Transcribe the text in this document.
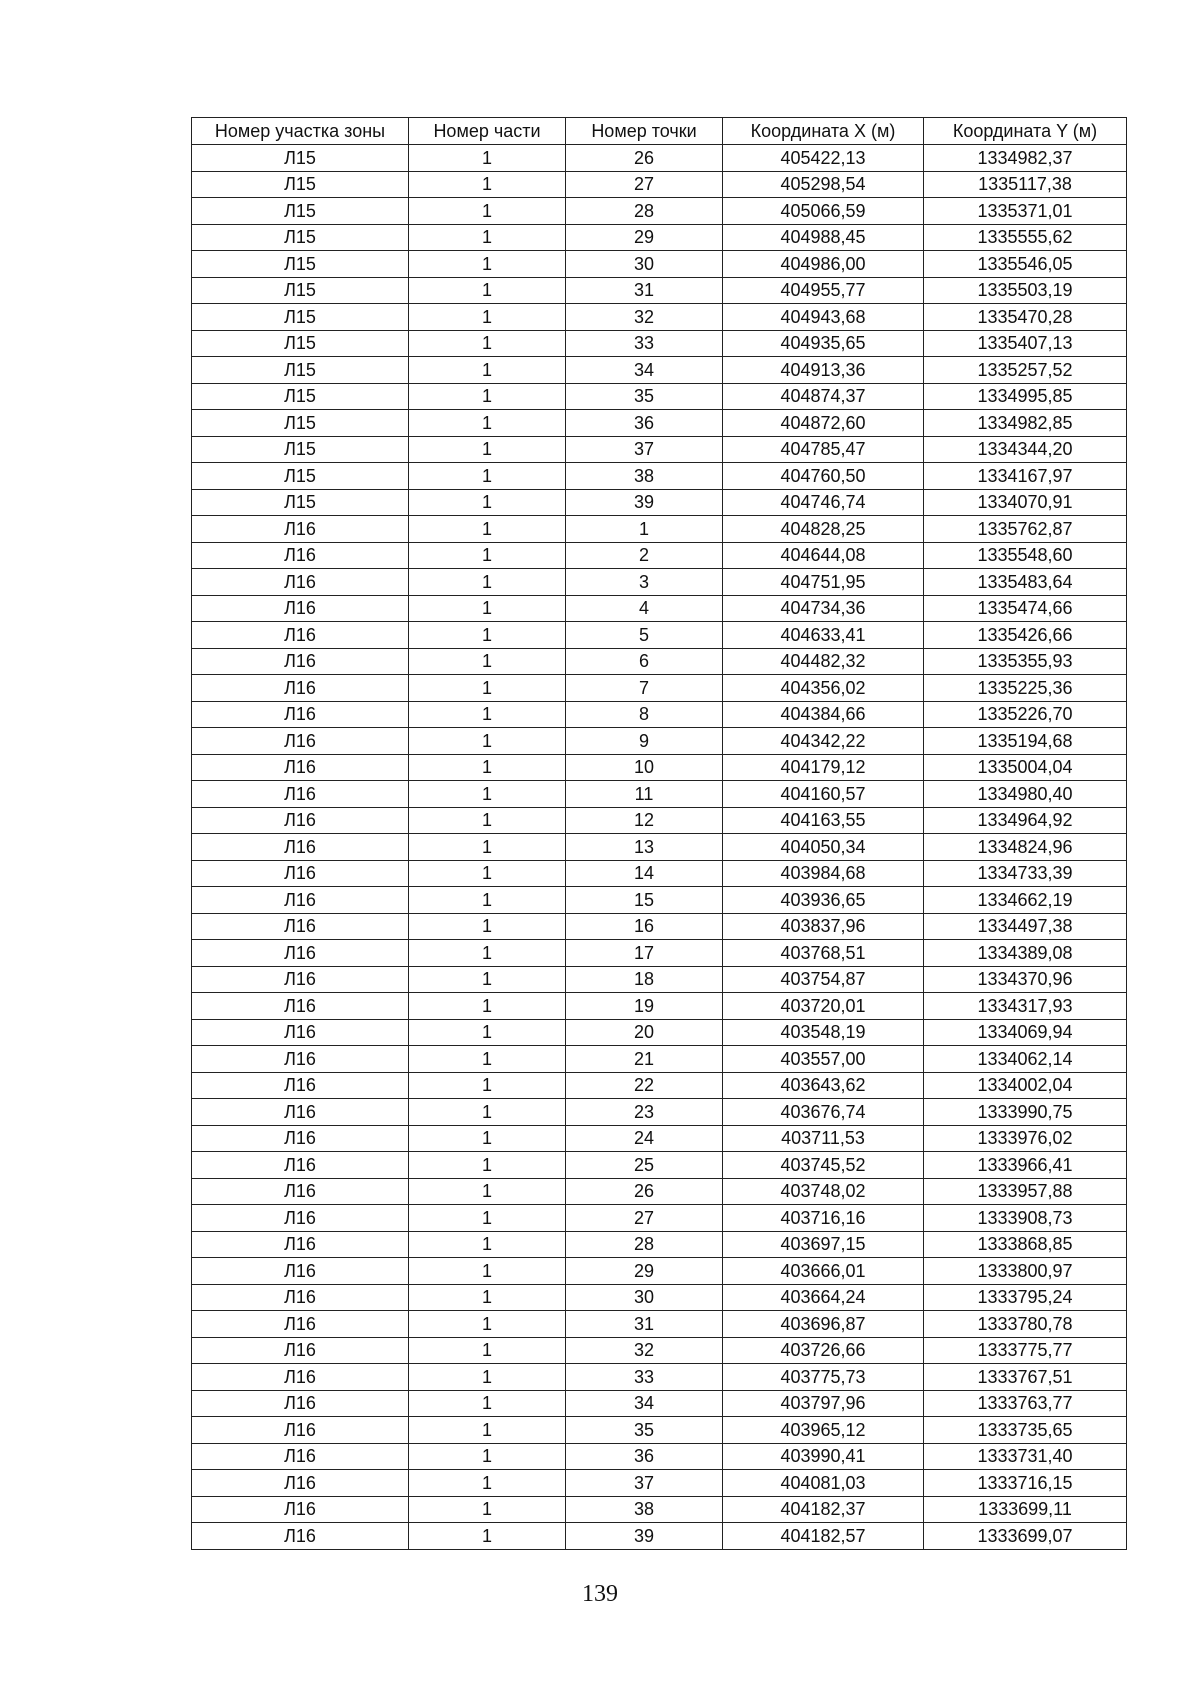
Номер участка зоны	Номер части	Номер точки	Координата X (м)	Координата Y (м)
Л15	1	26	405422,13	1334982,37
Л15	1	27	405298,54	1335117,38
Л15	1	28	405066,59	1335371,01
Л15	1	29	404988,45	1335555,62
Л15	1	30	404986,00	1335546,05
Л15	1	31	404955,77	1335503,19
Л15	1	32	404943,68	1335470,28
Л15	1	33	404935,65	1335407,13
Л15	1	34	404913,36	1335257,52
Л15	1	35	404874,37	1334995,85
Л15	1	36	404872,60	1334982,85
Л15	1	37	404785,47	1334344,20
Л15	1	38	404760,50	1334167,97
Л15	1	39	404746,74	1334070,91
Л16	1	1	404828,25	1335762,87
Л16	1	2	404644,08	1335548,60
Л16	1	3	404751,95	1335483,64
Л16	1	4	404734,36	1335474,66
Л16	1	5	404633,41	1335426,66
Л16	1	6	404482,32	1335355,93
Л16	1	7	404356,02	1335225,36
Л16	1	8	404384,66	1335226,70
Л16	1	9	404342,22	1335194,68
Л16	1	10	404179,12	1335004,04
Л16	1	11	404160,57	1334980,40
Л16	1	12	404163,55	1334964,92
Л16	1	13	404050,34	1334824,96
Л16	1	14	403984,68	1334733,39
Л16	1	15	403936,65	1334662,19
Л16	1	16	403837,96	1334497,38
Л16	1	17	403768,51	1334389,08
Л16	1	18	403754,87	1334370,96
Л16	1	19	403720,01	1334317,93
Л16	1	20	403548,19	1334069,94
Л16	1	21	403557,00	1334062,14
Л16	1	22	403643,62	1334002,04
Л16	1	23	403676,74	1333990,75
Л16	1	24	403711,53	1333976,02
Л16	1	25	403745,52	1333966,41
Л16	1	26	403748,02	1333957,88
Л16	1	27	403716,16	1333908,73
Л16	1	28	403697,15	1333868,85
Л16	1	29	403666,01	1333800,97
Л16	1	30	403664,24	1333795,24
Л16	1	31	403696,87	1333780,78
Л16	1	32	403726,66	1333775,77
Л16	1	33	403775,73	1333767,51
Л16	1	34	403797,96	1333763,77
Л16	1	35	403965,12	1333735,65
Л16	1	36	403990,41	1333731,40
Л16	1	37	404081,03	1333716,15
Л16	1	38	404182,37	1333699,11
Л16	1	39	404182,57	1333699,07
139
